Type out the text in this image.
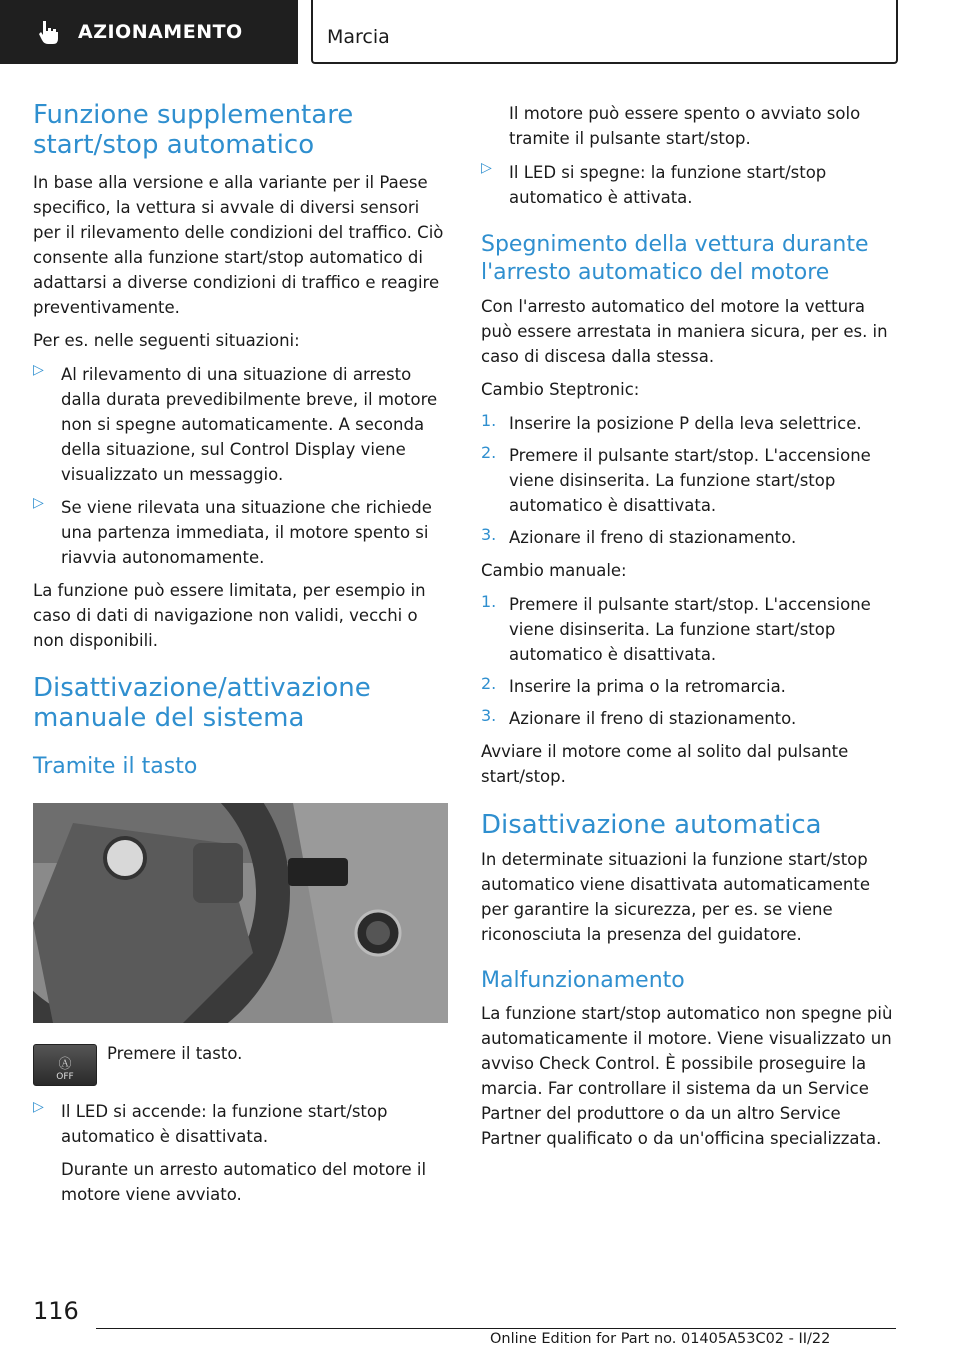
AZIONAMENTO	Marcia
Funzione supplementare start/stop automatico

In base alla versione e alla variante per il Paese specifico, la vettura si avvale di diversi sensori per il rilevamento delle condizioni del traffico. Ciò consente alla funzione start/stop automatico di adattarsi a diverse condizioni di traffico e reagire preventivamente.

Per es. nelle seguenti situazioni:

▷ Al rilevamento di una situazione di arresto dalla durata prevedibilmente breve, il motore non si spegne automaticamente. A seconda della situazione, sul Control Display viene visualizzato un messaggio.

▷ Se viene rilevata una situazione che richiede una partenza immediata, il motore spento si riavvia autonomamente.

La funzione può essere limitata, per esempio in caso di dati di navigazione non validi, vecchi o non disponibili.

Disattivazione/attivazione manuale del sistema
Tramite il tasto
Ⓐ
OFF

Premere il tasto.

▷ Il LED si accende: la funzione start/stop automatico è disattivata.

Durante un arresto automatico del motore il motore viene avviato.

Il motore può essere spento o avviato solo tramite il pulsante start/stop.

▷ Il LED si spegne: la funzione start/stop automatico è attivata.

Spegnimento della vettura durante l'arresto automatico del motore

Con l'arresto automatico del motore la vettura può essere arrestata in maniera sicura, per es. in caso di discesa dalla stessa.

Cambio Steptronic:

1. Inserire la posizione P della leva selettrice.

2. Premere il pulsante start/stop. L'accensione viene disinserita. La funzione start/stop automatico è disattivata.

3. Azionare il freno di stazionamento.

Cambio manuale:

1. Premere il pulsante start/stop. L'accensione viene disinserita. La funzione start/stop automatico è disattivata.

2. Inserire la prima o la retromarcia.

3. Azionare il freno di stazionamento.

Avviare il motore come al solito dal pulsante start/stop.

Disattivazione automatica

In determinate situazioni la funzione start/stop automatico viene disattivata automaticamente per garantire la sicurezza, per es. se viene riconosciuta la presenza del guidatore.

Malfunzionamento

La funzione start/stop automatico non spegne più automaticamente il motore. Viene visualizzato un avviso Check Control. È possibile proseguire la marcia. Far controllare il sistema da un Service Partner del produttore o da un altro Service Partner qualificato o da un'officina specializzata.

116
Online Edition for Part no. 01405A53C02 - II/22
